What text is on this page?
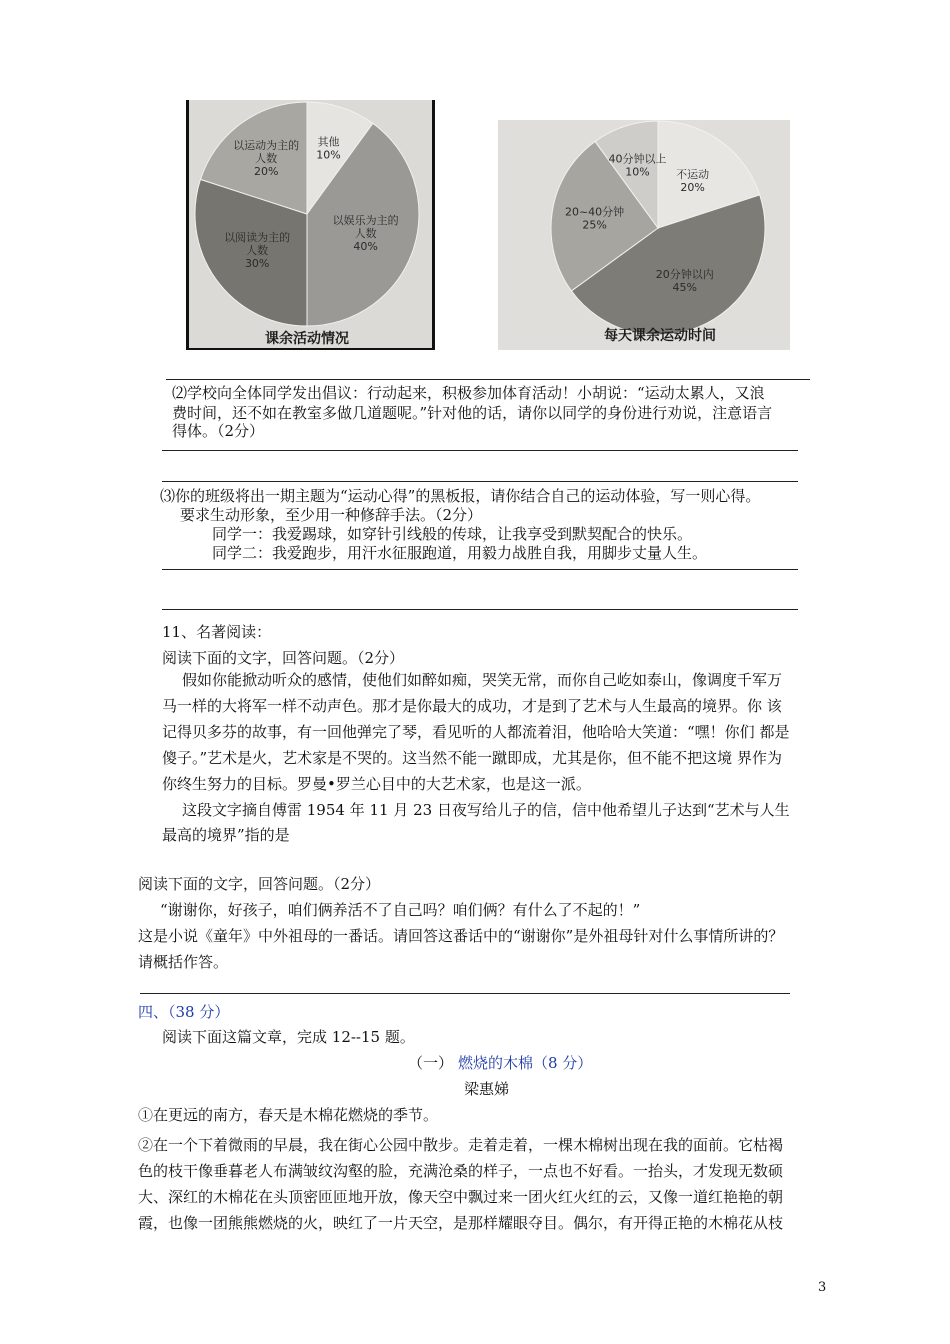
其他
10%
以娱乐为主的
人数
40%
以阅读为主的
人数
30%
以运动为主的
人数
20%
课余活动情况
不运动
20%
20分钟以内
45%
20~40分钟
25%
40分钟以上
10%
每天课余运动时间
⑵学校向全体同学发出倡议：行动起来，积极参加体育活动！小胡说：“运动太累人，又浪
费时间，还不如在教室多做几道题呢。”针对他的话，请你以同学的身份进行劝说，注意语言
得体。（2分）
⑶你的班级将出一期主题为“运动心得”的黑板报，请你结合自己的运动体验，写一则心得。
要求生动形象，至少用一种修辞手法。（2分）
同学一：我爱踢球，如穿针引线般的传球，让我享受到默契配合的快乐。
同学二：我爱跑步，用汗水征服跑道，用毅力战胜自我，用脚步丈量人生。
11、名著阅读：
阅读下面的文字，回答问题。（2分）
假如你能掀动听众的感情，使他们如醉如痴，哭笑无常，而你自己屹如泰山，像调度千军万
马一样的大将军一样不动声色。那才是你最大的成功，才是到了艺术与人生最高的境界。你 该
记得贝多芬的故事，有一回他弹完了琴，看见听的人都流着泪，他哈哈大笑道：“嘿！你们 都是
傻子。”艺术是火，艺术家是不哭的。这当然不能一蹴即成，尤其是你，但不能不把这境 界作为
你终生努力的目标。罗曼•罗兰心目中的大艺术家，也是这一派。
这段文字摘自傅雷 1954 年 11 月 23 日夜写给儿子的信，信中他希望儿子达到“艺术与人生
最高的境界”指的是
阅读下面的文字，回答问题。（2分）
“谢谢你，好孩子，咱们俩养活不了自己吗？咱们俩？有什么了不起的！”
这是小说《童年》中外祖母的一番话。请回答这番话中的“谢谢你”是外祖母针对什么事情所讲的？
请概括作答。
四、（38 分）
阅读下面这篇文章，完成 12--15 题。
（一） 燃烧的木棉（8 分）
梁惠娣
①在更远的南方，春天是木棉花燃烧的季节。
②在一个下着微雨的早晨，我在街心公园中散步。走着走着，一棵木棉树出现在我的面前。它枯褐
色的枝干像垂暮老人布满皱纹沟壑的脸，充满沧桑的样子，一点也不好看。一抬头，才发现无数硕
大、深红的木棉花在头顶密匝匝地开放，像天空中飘过来一团火红火红的云，又像一道红艳艳的朝
霞，也像一团熊熊燃烧的火，映红了一片天空，是那样耀眼夺目。偶尔，有开得正艳的木棉花从枝
3
